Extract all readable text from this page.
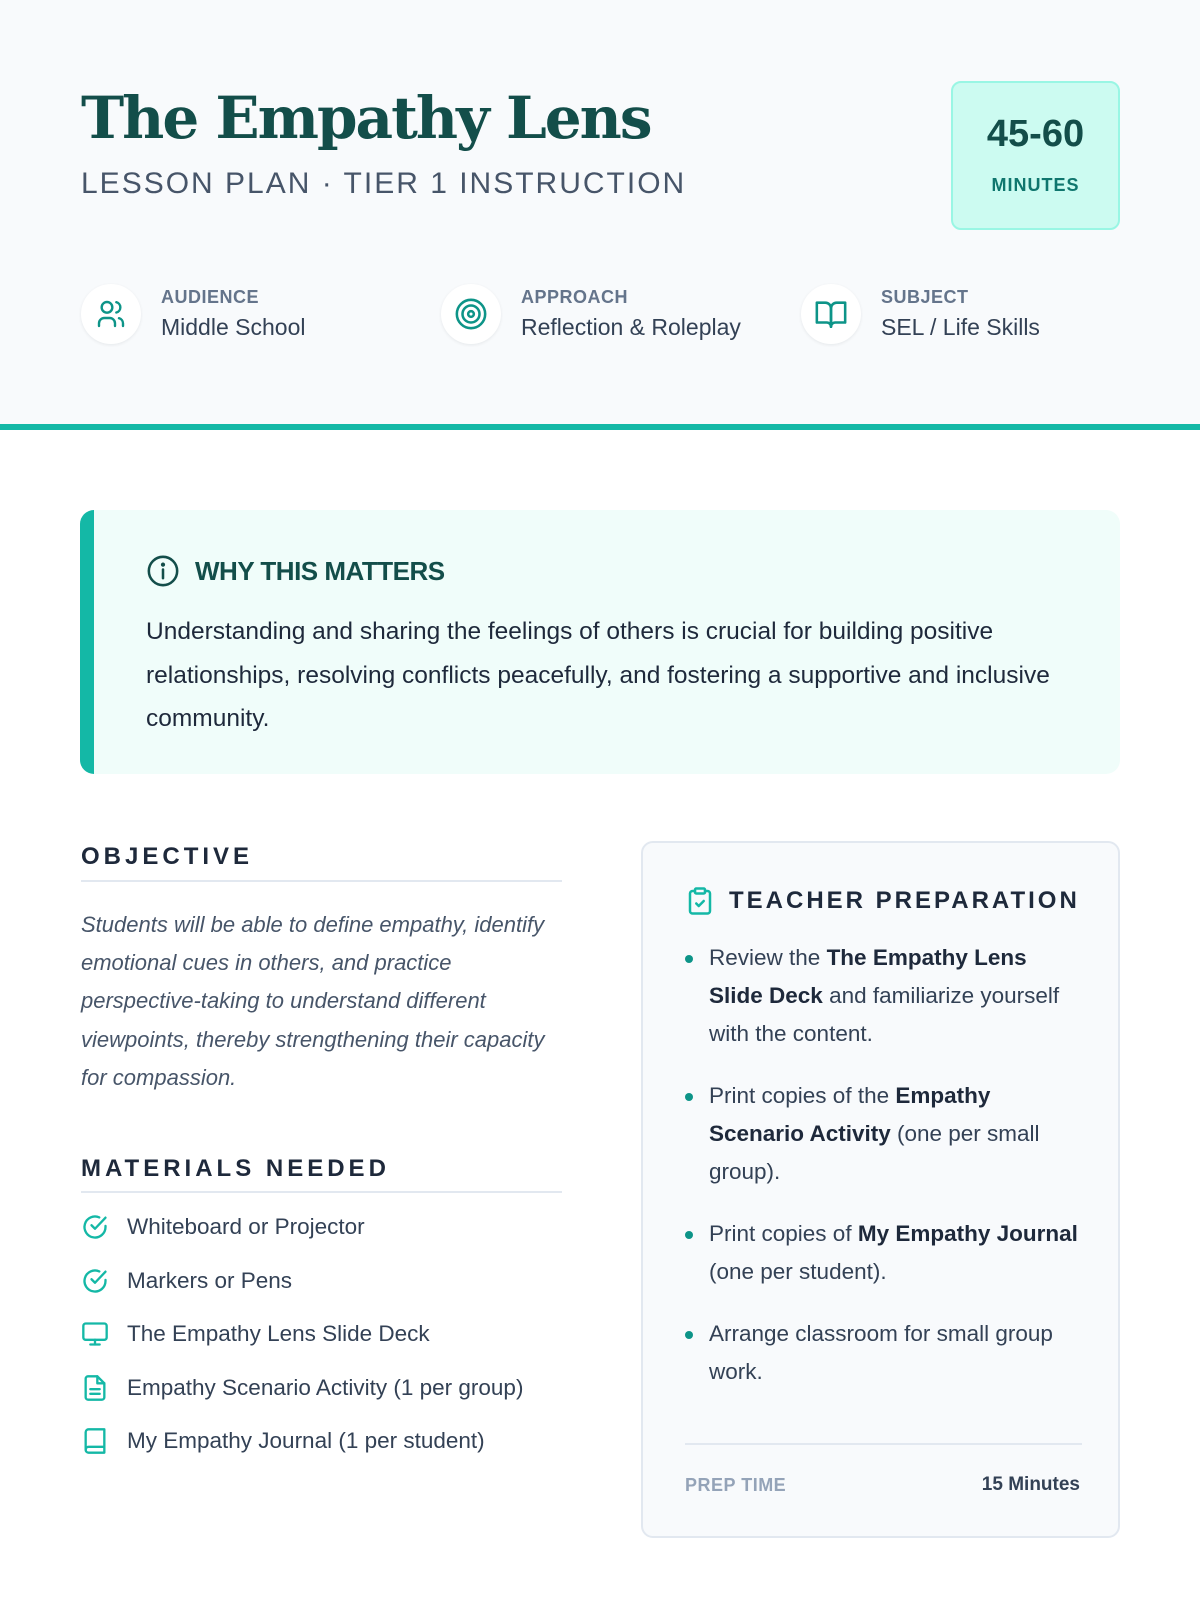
The Empathy Lens
LESSON PLAN · TIER 1 INSTRUCTION
45-60
MINUTES
AUDIENCE
Middle School
APPROACH
Reflection & Roleplay
SUBJECT
SEL / Life Skills
WHY THIS MATTERS

Understanding and sharing the feelings of others is crucial for building positive relationships, resolving conflicts peacefully, and fostering a supportive and inclusive community.

OBJECTIVE

Students will be able to define empathy, identify emotional cues in others, and practice perspective-taking to understand different viewpoints, thereby strengthening their capacity for compassion.

MATERIALS NEEDED
Whiteboard or Projector
Markers or Pens
The Empathy Lens Slide Deck
Empathy Scenario Activity (1 per group)
My Empathy Journal (1 per student)
TEACHER PREPARATION
Review the The Empathy Lens Slide Deck and familiarize yourself with the content.
Print copies of the Empathy Scenario Activity (one per small group).
Print copies of My Empathy Journal (one per student).
Arrange classroom for small group work.
PREP TIME	15 Minutes
